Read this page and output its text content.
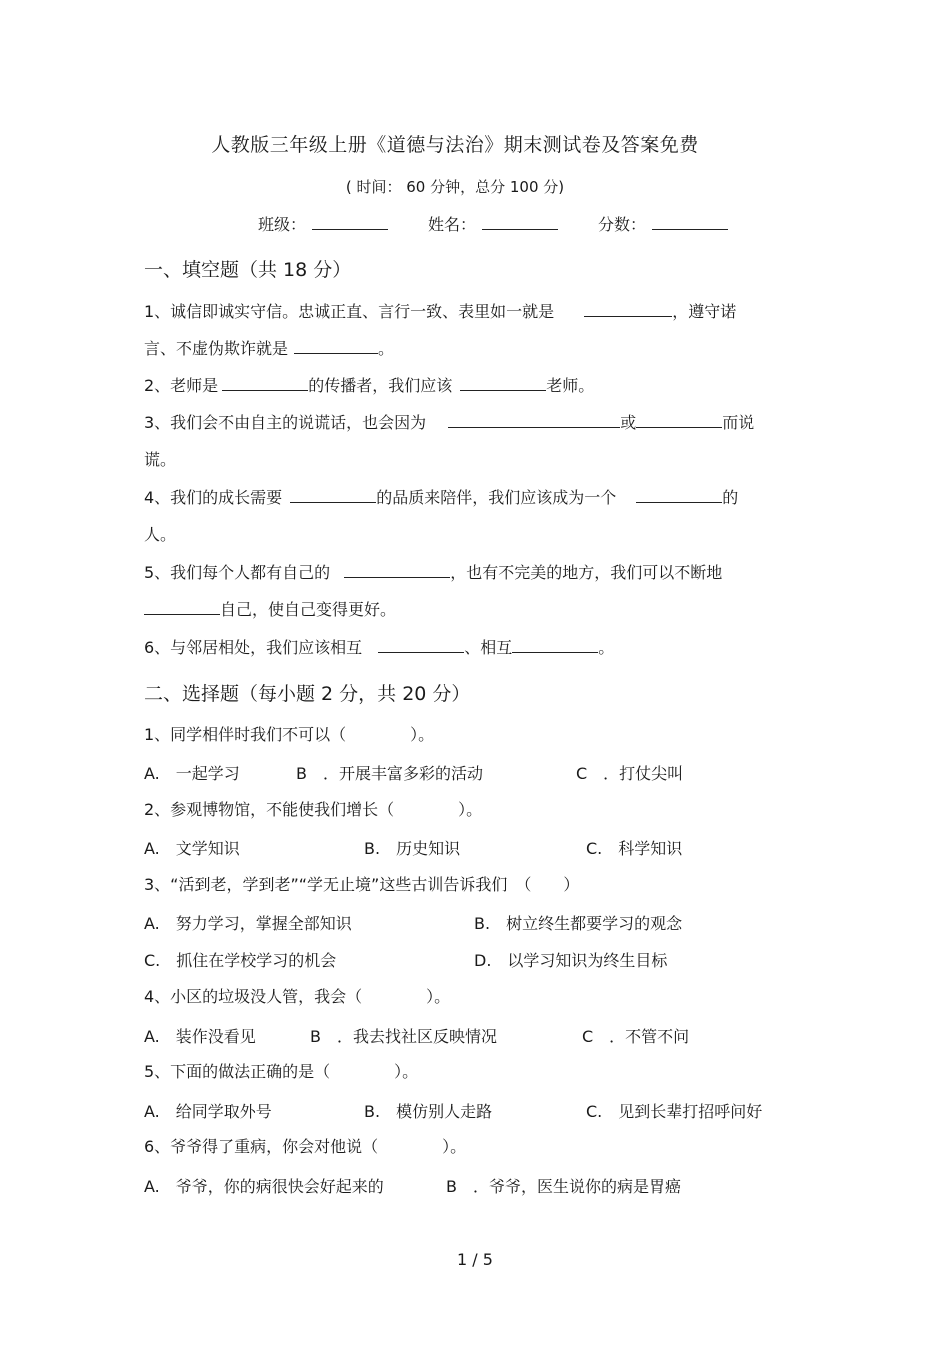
人教版三年级上册《道德与法治》期末测试卷及答案免费
( 时间： 60 分钟，总分 100 分)
班级：	姓名：	分数：
一、填空题（共 18 分）
1、诚信即诚实守信。忠诚正直、言行一致、表里如一就是	，遵守诺
言、不虚伪欺诈就是	。
2、老师是	的传播者，我们应该	老师。
3、我们会不由自主的说谎话，也会因为	或	而说
谎。
4、我们的成长需要	的品质来陪伴，我们应该成为一个	的
人。
5、我们每个人都有自己的	，也有不完美的地方，我们可以不断地
自己，使自己变得更好。
6、与邻居相处，我们应该相互	、相互	。
二、选择题（每小题 2 分，共 20 分）
1、同学相伴时我们不可以（　　　　）。
A.　一起学习	B　．开展丰富多彩的活动	C　．打仗尖叫
2、参观博物馆，不能使我们增长（　　　　）。
A.　文学知识	B.　历史知识	C.　科学知识
3、“活到老，学到老”“学无止境”这些古训告诉我们　（　　）
A.　努力学习，掌握全部知识	B.　树立终生都要学习的观念
C.　抓住在学校学习的机会	D.　以学习知识为终生目标
4、小区的垃圾没人管，我会（　　　　）。
A.　装作没看见	B　．我去找社区反映情况	C　．不管不问
5、下面的做法正确的是（　　　　）。
A.　给同学取外号	B.　模仿别人走路	C.　见到长辈打招呼问好
6、爷爷得了重病，你会对他说（　　　　）。
A.　爷爷，你的病很快会好起来的	B　．爷爷，医生说你的病是胃癌
1 / 5
